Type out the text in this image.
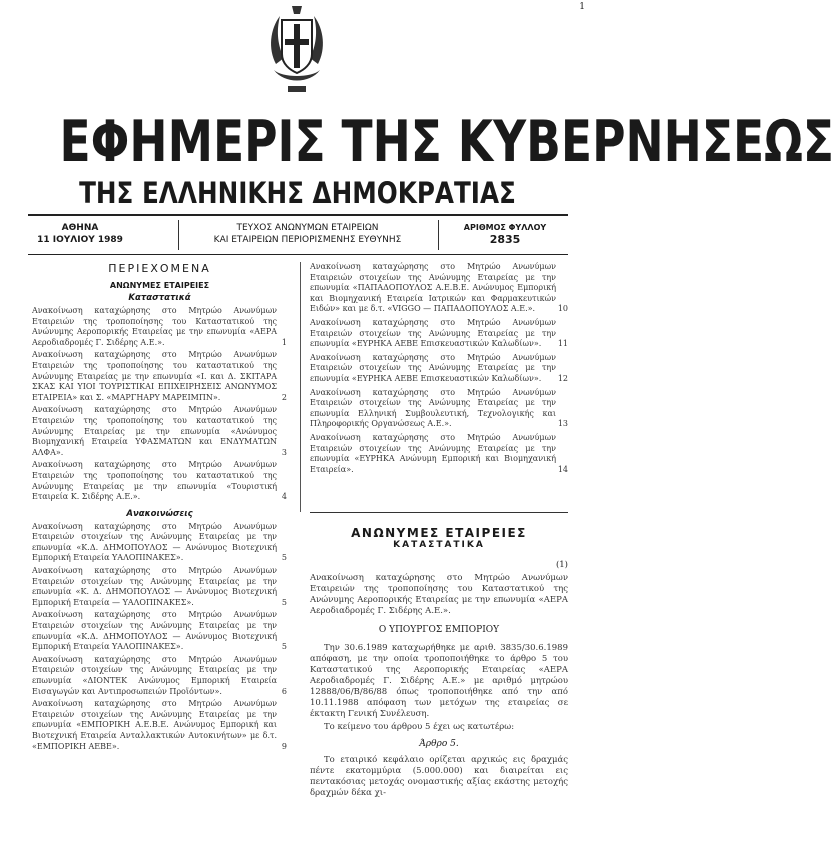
1
ΕΦΗΜΕΡΙΣ ΤΗΣ ΚΥΒΕΡΝΗΣΕΩΣ
ΤΗΣ ΕΛΛΗΝΙΚΗΣ ΔΗΜΟΚΡΑΤΙΑΣ
ΑΘΗΝΑ
11 ΙΟΥΛΙΟΥ 1989
ΤΕΥΧΟΣ ΑΝΩΝΥΜΩΝ ΕΤΑΙΡΕΙΩΝ
ΚΑΙ ΕΤΑΙΡΕΙΩΝ ΠΕΡΙΟΡΙΣΜΕΝΗΣ ΕΥΘΥΝΗΣ
ΑΡΙΘΜΟΣ ΦΥΛΛΟΥ
2835
ΠΕΡΙΕΧΟΜΕΝΑ
ΑΝΩΝΥΜΕΣ ΕΤΑΙΡΕΙΕΣ
Καταστατικά
Ανακοίνωση καταχώρησης στο Μητρώο Ανωνύμων Εταιρειών της τροποποίησης του Καταστατικού της Ανώνυμης Αεροπορικής Εταιρείας με την επωνυμία «ΑΕΡΑ Αεροδιαδρομές Γ. Σιδέρης Α.Ε.».	1
Ανακοίνωση καταχώρησης στο Μητρώο Ανωνύμων Εταιρειών της τροποποίησης του καταστατικού της Ανώνυμης Εταιρείας με την επωνυμία «Ι. και Δ. ΣΚΙΤΑΡΑ ΣΚΑΣ ΚΑΙ ΥΙΟΙ ΤΟΥΡΙΣΤΙΚΑΙ ΕΠΙΧΕΙΡΗΣΕΙΣ ΑΝΩΝΥΜΟΣ ΕΤΑΙΡΕΙΑ» και Σ. «ΜΑΡΓΗΑΡΥ ΜΑΡΕΙΜΠΝ».	2
Ανακοίνωση καταχώρησης στο Μητρώο Ανωνύμων Εταιρειών της τροποποίησης του καταστατικού της Ανώνυμης Εταιρείας με την επωνυμία «Ανώνυμος Βιομηχανική Εταιρεία ΥΦΑΣΜΑΤΩΝ και ΕΝΔΥΜΑΤΩΝ ΑΛΦΑ».	3
Ανακοίνωση καταχώρησης στο Μητρώο Ανωνύμων Εταιρειών της τροποποίησης του καταστατικού της Ανώνυμης Εταιρείας με την επωνυμία «Τουριστική Εταιρεία Κ. Σιδέρης Α.Ε.».	4
Ανακοινώσεις
Ανακοίνωση καταχώρησης στο Μητρώο Ανωνύμων Εταιρειών στοιχείων της Ανώνυμης Εταιρείας με την επωνυμία «Κ.Δ. ΔΗΜΟΠΟΥΛΟΣ — Ανώνυμος Βιοτεχνική Εμπορική Εταιρεία ΥΑΛΟΠΙΝΑΚΕΣ».	5
Ανακοίνωση καταχώρησης στο Μητρώο Ανωνύμων Εταιρειών στοιχείων της Ανώνυμης Εταιρείας με την επωνυμία «Κ. Δ. ΔΗΜΟΠΟΥΛΟΣ — Ανώνυμος Βιοτεχνική Εμπορική Εταιρεία — ΥΑΛΟΠΙΝΑΚΕΣ».	5
Ανακοίνωση καταχώρησης στο Μητρώο Ανωνύμων Εταιρειών στοιχείων της Ανώνυμης Εταιρείας με την επωνυμία «Κ.Δ. ΔΗΜΟΠΟΥΛΟΣ — Ανώνυμος Βιοτεχνική Εμπορική Εταιρεία ΥΑΛΟΠΙΝΑΚΕΣ».	5
Ανακοίνωση καταχώρησης στο Μητρώο Ανωνύμων Εταιρειών στοιχείων της Ανώνυμης Εταιρείας με την επωνυμία «ΔΙΟΝΤΕΚ Ανώνυμος Εμπορική Εταιρεία Εισαγωγών και Αντιπροσωπειών Προϊόντων».	6
Ανακοίνωση καταχώρησης στο Μητρώο Ανωνύμων Εταιρειών στοιχείων της Ανώνυμης Εταιρείας με την επωνυμία «ΕΜΠΟΡΙΚΗ Α.Ε.Β.Ε. Ανώνυμος Εμπορική και Βιοτεχνική Εταιρεία Ανταλλακτικών Αυτοκινήτων» με δ.τ. «ΕΜΠΟΡΙΚΗ ΑΕΒΕ».	9
Ανακοίνωση καταχώρησης στο Μητρώο Ανωνύμων Εταιρειών στοιχείων της Ανώνυμης Εταιρείας με την επωνυμία «ΠΑΠΑΔΟΠΟΥΛΟΣ Α.Ε.Β.Ε. Ανώνυμος Εμπορική και Βιομηχανική Εταιρεία Ιατρικών και Φαρμακευτικών Ειδών» και με δ.τ. «VIGGO — ΠΑΠΑΔΟΠΟΥΛΟΣ Α.Ε.».	10
Ανακοίνωση καταχώρησης στο Μητρώο Ανωνύμων Εταιρειών στοιχείων της Ανώνυμης Εταιρείας με την επωνυμία «ΕΥΡΗΚΑ ΑΕΒΕ Επισκευαστικών Καλωδίων». 11
Ανακοίνωση καταχώρησης στο Μητρώο Ανωνύμων Εταιρειών στοιχείων της Ανώνυμης Εταιρείας με την επωνυμία «ΕΥΡΗΚΑ ΑΕΒΕ Επισκευαστικών Καλωδίων». 12
Ανακοίνωση καταχώρησης στο Μητρώο Ανωνύμων Εταιρειών στοιχείων της Ανώνυμης Εταιρείας με την επωνυμία Ελληνική Συμβουλευτική, Τεχνολογικής και Πληροφορικής Οργανώσεως Α.Ε.».	13
Ανακοίνωση καταχώρησης στο Μητρώο Ανωνύμων Εταιρειών στοιχείων της Ανώνυμης Εταιρείας με την επωνυμία «ΕΥΡΗΚΑ Ανώνυμη Εμπορική και Βιομηχανική Εταιρεία».	14
ΑΝΩΝΥΜΕΣ ΕΤΑΙΡΕΙΕΣ
ΚΑΤΑΣΤΑΤΙΚΑ
(1)
Ανακοίνωση καταχώρησης στο Μητρώο Ανωνύμων Εταιρειών της τροποποίησης του Καταστατικού της Ανώνυμης Αεροπορικής Εταιρείας με την επωνυμία «ΑΕΡΑ Αεροδιαδρομές Γ. Σιδέρης Α.Ε.».
Ο ΥΠΟΥΡΓΟΣ ΕΜΠΟΡΙΟΥ
Την 30.6.1989 καταχωρήθηκε με αριθ. 3835/30.6.1989 απόφαση, με την οποία τροποποιήθηκε το άρθρο 5 του Καταστατικού της Αεροπορικής Εταιρείας «ΑΕΡΑ Αεροδιαδρομές Γ. Σιδέρης Α.Ε.» με αριθμό μητρώου 12888/06/Β/86/88 όπως τροποποιήθηκε από την από 10.11.1988 απόφαση των μετόχων της εταιρείας σε έκτακτη Γενική Συνέλευση.
Το κείμενο του άρθρου 5 έχει ως κατωτέρω:
Άρθρο 5.
Το εταιρικό κεφάλαιο ορίζεται αρχικώς εις δραχμάς πέντε εκατομμύρια (5.000.000) και διαιρείται εις πεντακόσιας μετοχάς ονομαστικής αξίας εκάστης μετοχής δραχμών δέκα χι-
